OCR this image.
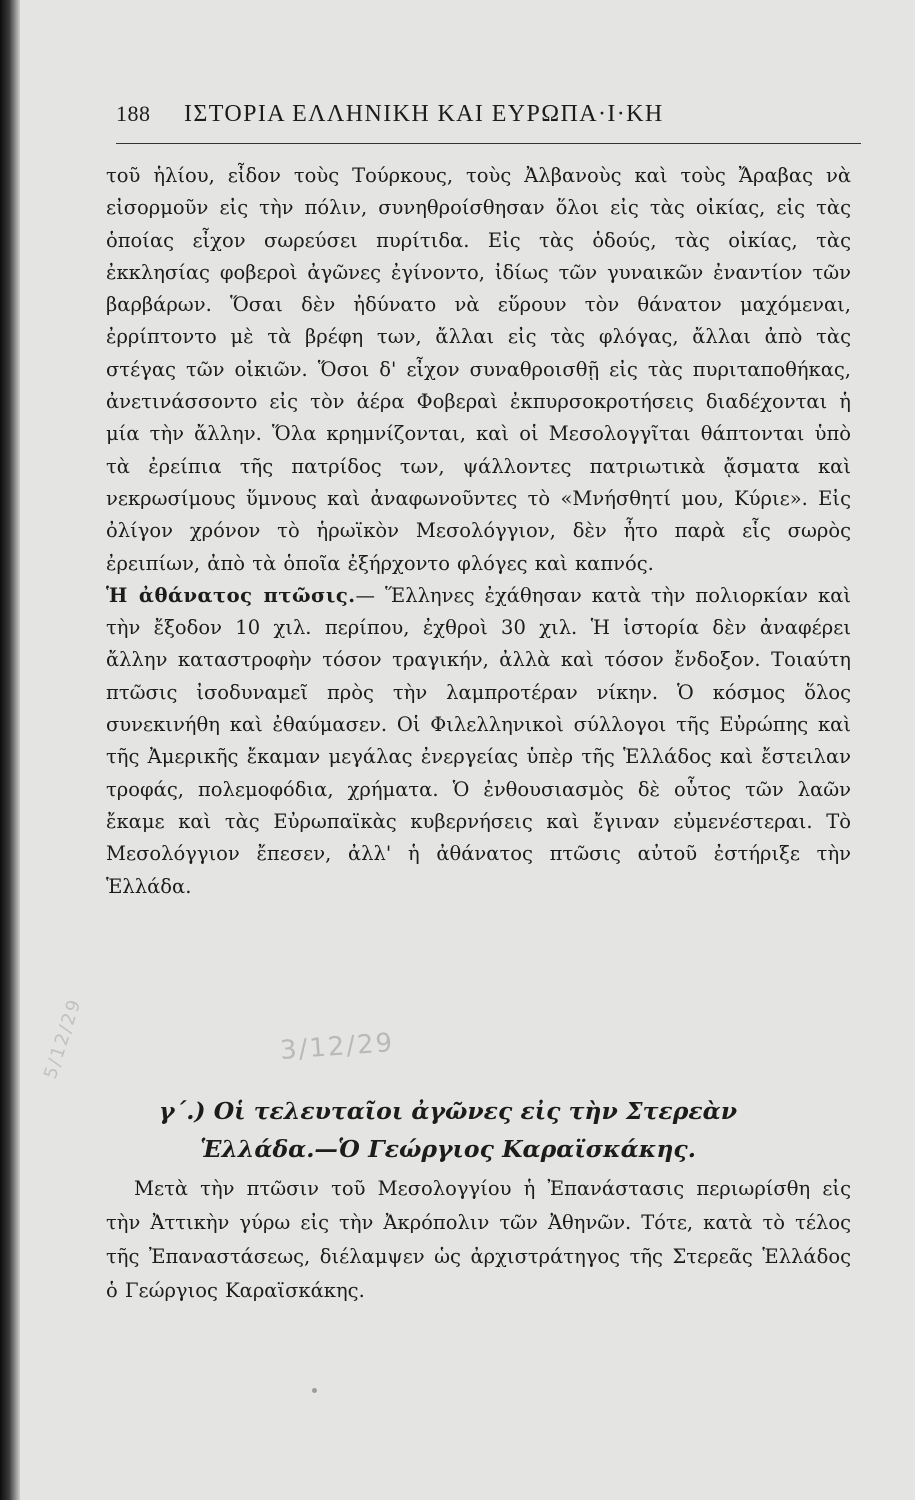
188 ΙΣΤΟΡΙΑ ΕΛΛΗΝΙΚΗ ΚΑΙ ΕΥΡΩΠΑ·Ι·ΚΗ

τοῦ ἡλίου, εἶδον τοὺς Τούρκους, τοὺς Ἀλβανοὺς καὶ τοὺς Ἄραβας νὰ εἰσορμοῦν εἰς τὴν πόλιν, συνηθροίσθησαν ὅλοι εἰς τὰς οἰκίας, εἰς τὰς ὁποίας εἶχον σωρεύσει πυρίτιδα. Εἰς τὰς ὁδούς, τὰς οἰκίας, τὰς ἐκκλησίας φοβεροὶ ἀγῶνες ἐγίνοντο, ἰδίως τῶν γυναικῶν ἐναντίον τῶν βαρβάρων. Ὅσαι δὲν ἠδύνατο νὰ εὕρουν τὸν θάνατον μαχόμεναι, ἐρρίπτοντο μὲ τὰ βρέφη των, ἄλλαι εἰς τὰς φλόγας, ἄλλαι ἀπὸ τὰς στέγας τῶν οἰκιῶν. Ὅσοι δ' εἶχον συναθροισθῇ εἰς τὰς πυριταποθήκας, ἀνετινάσσοντο εἰς τὸν ἀέρα Φοβεραὶ ἐκπυρσοκροτήσεις διαδέχονται ἡ μία τὴν ἄλλην. Ὅλα κρημνίζονται, καὶ οἱ Μεσολογγῖται θάπτονται ὑπὸ τὰ ἐρείπια τῆς πατρίδος των, ψάλλοντες πατριωτικὰ ᾄσματα καὶ νεκρωσίμους ὕμνους καὶ ἀναφωνοῦντες τὸ «Μνήσθητί μου, Κύριε». Εἰς ὀλίγον χρόνον τὸ ἡρωϊκὸν Μεσολόγγιον, δὲν ἦτο παρὰ εἷς σωρὸς ἐρειπίων, ἀπὸ τὰ ὁποῖα ἐξήρχοντο φλόγες καὶ καπνός.

Ἡ ἀθάνατος πτῶσις.— Ἕλληνες ἐχάθησαν κατὰ τὴν πολιορκίαν καὶ τὴν ἔξοδον 10 χιλ. περίπου, ἐχθροὶ 30 χιλ. Ἡ ἱστορία δὲν ἀναφέρει ἄλλην καταστροφὴν τόσον τραγικήν, ἀλλὰ καὶ τόσον ἔνδοξον. Τοιαύτη πτῶσις ἰσοδυναμεῖ πρὸς τὴν λαμπροτέραν νίκην. Ὁ κόσμος ὅλος συνεκινήθη καὶ ἐθαύμασεν. Οἱ Φιλελληνικοὶ σύλλογοι τῆς Εὐρώπης καὶ τῆς Ἀμερικῆς ἔκαμαν μεγάλας ἐνεργείας ὑπὲρ τῆς Ἑλλάδος καὶ ἔστειλαν τροφάς, πολεμοφόδια, χρήματα. Ὁ ἐνθουσιασμὸς δὲ οὗτος τῶν λαῶν ἔκαμε καὶ τὰς Εὐρωπαϊκὰς κυβερνήσεις καὶ ἔγιναν εὐμενέστεραι. Τὸ Μεσολόγγιον ἔπεσεν, ἀλλ' ἡ ἀθάνατος πτῶσις αὐτοῦ ἐστήριξε τὴν Ἑλλάδα.

γ΄.) Οἱ τελευταῖοι ἀγῶνες εἰς τὴν Στερεὰν
Ἑλλάδα.—Ὁ Γεώργιος Καραϊσκάκης.

Μετὰ τὴν πτῶσιν τοῦ Μεσολογγίου ἡ Ἐπανάστασις περιωρίσθη εἰς τὴν Ἀττικὴν γύρω εἰς τὴν Ἀκρόπολιν τῶν Ἀθηνῶν. Τότε, κατὰ τὸ τέλος τῆς Ἐπαναστάσεως, διέλαμψεν ὡς ἀρχιστράτηγος τῆς Στερεᾶς Ἑλλάδος ὁ Γεώργιος Καραϊσκάκης.

3/12/29
5/12/29
